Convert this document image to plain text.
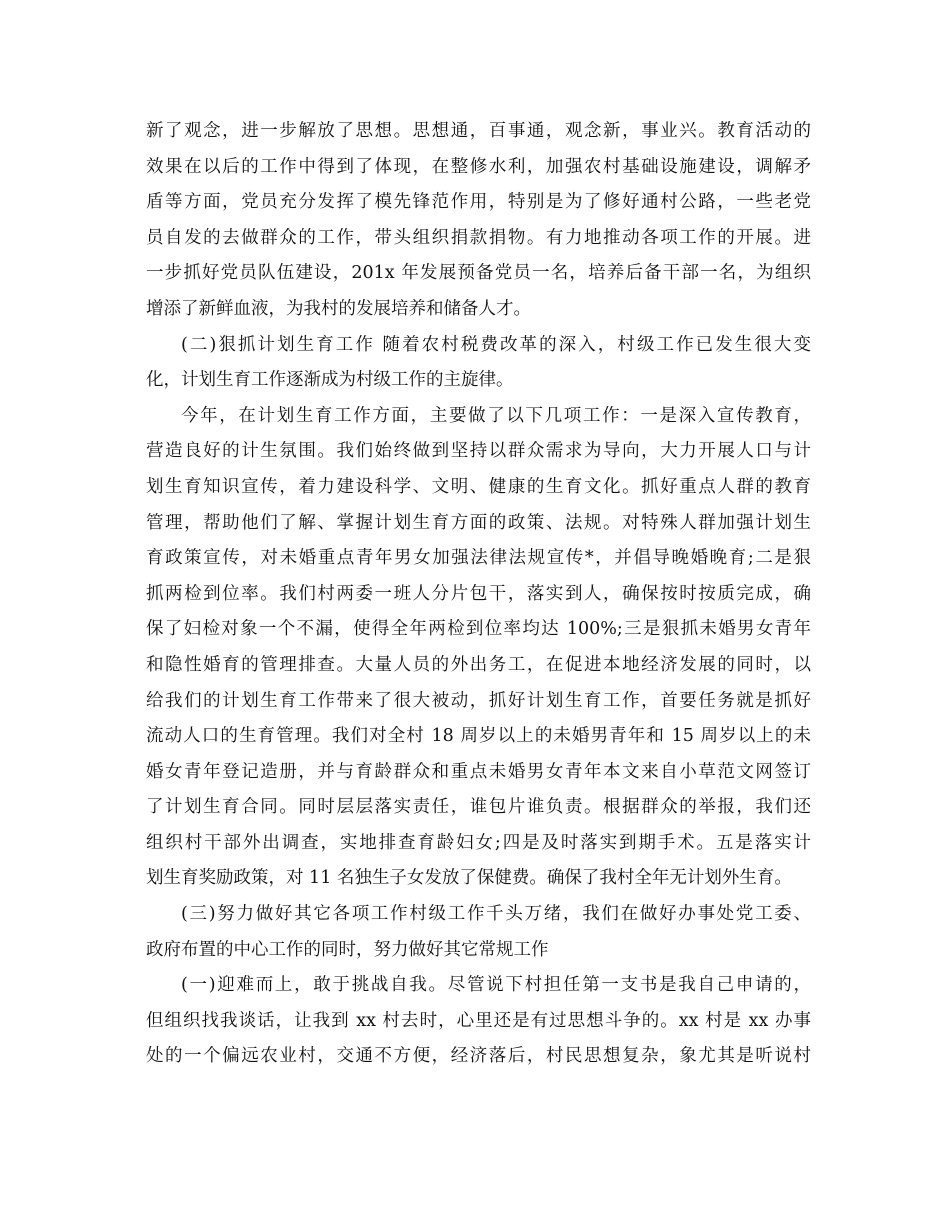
新了观念，进一步解放了思想。思想通，百事通，观念新，事业兴。教育活动的
效果在以后的工作中得到了体现，在整修水利，加强农村基础设施建设，调解矛
盾等方面，党员充分发挥了模先锋范作用，特别是为了修好通村公路，一些老党
员自发的去做群众的工作，带头组织捐款捐物。有力地推动各项工作的开展。进
一步抓好党员队伍建设，201x 年发展预备党员一名，培养后备干部一名，为组织
增添了新鲜血液，为我村的发展培养和储备人才。
(二)狠抓计划生育工作 随着农村税费改革的深入，村级工作已发生很大变
化，计划生育工作逐渐成为村级工作的主旋律。
今年，在计划生育工作方面，主要做了以下几项工作：一是深入宣传教育，
营造良好的计生氛围。我们始终做到坚持以群众需求为导向，大力开展人口与计
划生育知识宣传，着力建设科学、文明、健康的生育文化。抓好重点人群的教育
管理，帮助他们了解、掌握计划生育方面的政策、法规。对特殊人群加强计划生
育政策宣传，对未婚重点青年男女加强法律法规宣传*，并倡导晚婚晚育;二是狠
抓两检到位率。我们村两委一班人分片包干，落实到人，确保按时按质完成，确
保了妇检对象一个不漏，使得全年两检到位率均达 100%;三是狠抓未婚男女青年
和隐性婚育的管理排查。大量人员的外出务工，在促进本地经济发展的同时，以
给我们的计划生育工作带来了很大被动，抓好计划生育工作，首要任务就是抓好
流动人口的生育管理。我们对全村 18 周岁以上的未婚男青年和 15 周岁以上的未
婚女青年登记造册，并与育龄群众和重点未婚男女青年本文来自小草范文网签订
了计划生育合同。同时层层落实责任，谁包片谁负责。根据群众的举报，我们还
组织村干部外出调查，实地排查育龄妇女;四是及时落实到期手术。五是落实计
划生育奖励政策，对 11 名独生子女发放了保健费。确保了我村全年无计划外生育。
(三)努力做好其它各项工作村级工作千头万绪，我们在做好办事处党工委、
政府布置的中心工作的同时，努力做好其它常规工作
(一)迎难而上，敢于挑战自我。尽管说下村担任第一支书是我自己申请的，
但组织找我谈话，让我到 xx 村去时，心里还是有过思想斗争的。xx 村是 xx 办事
处的一个偏远农业村，交通不方便，经济落后，村民思想复杂，象尤其是听说村
